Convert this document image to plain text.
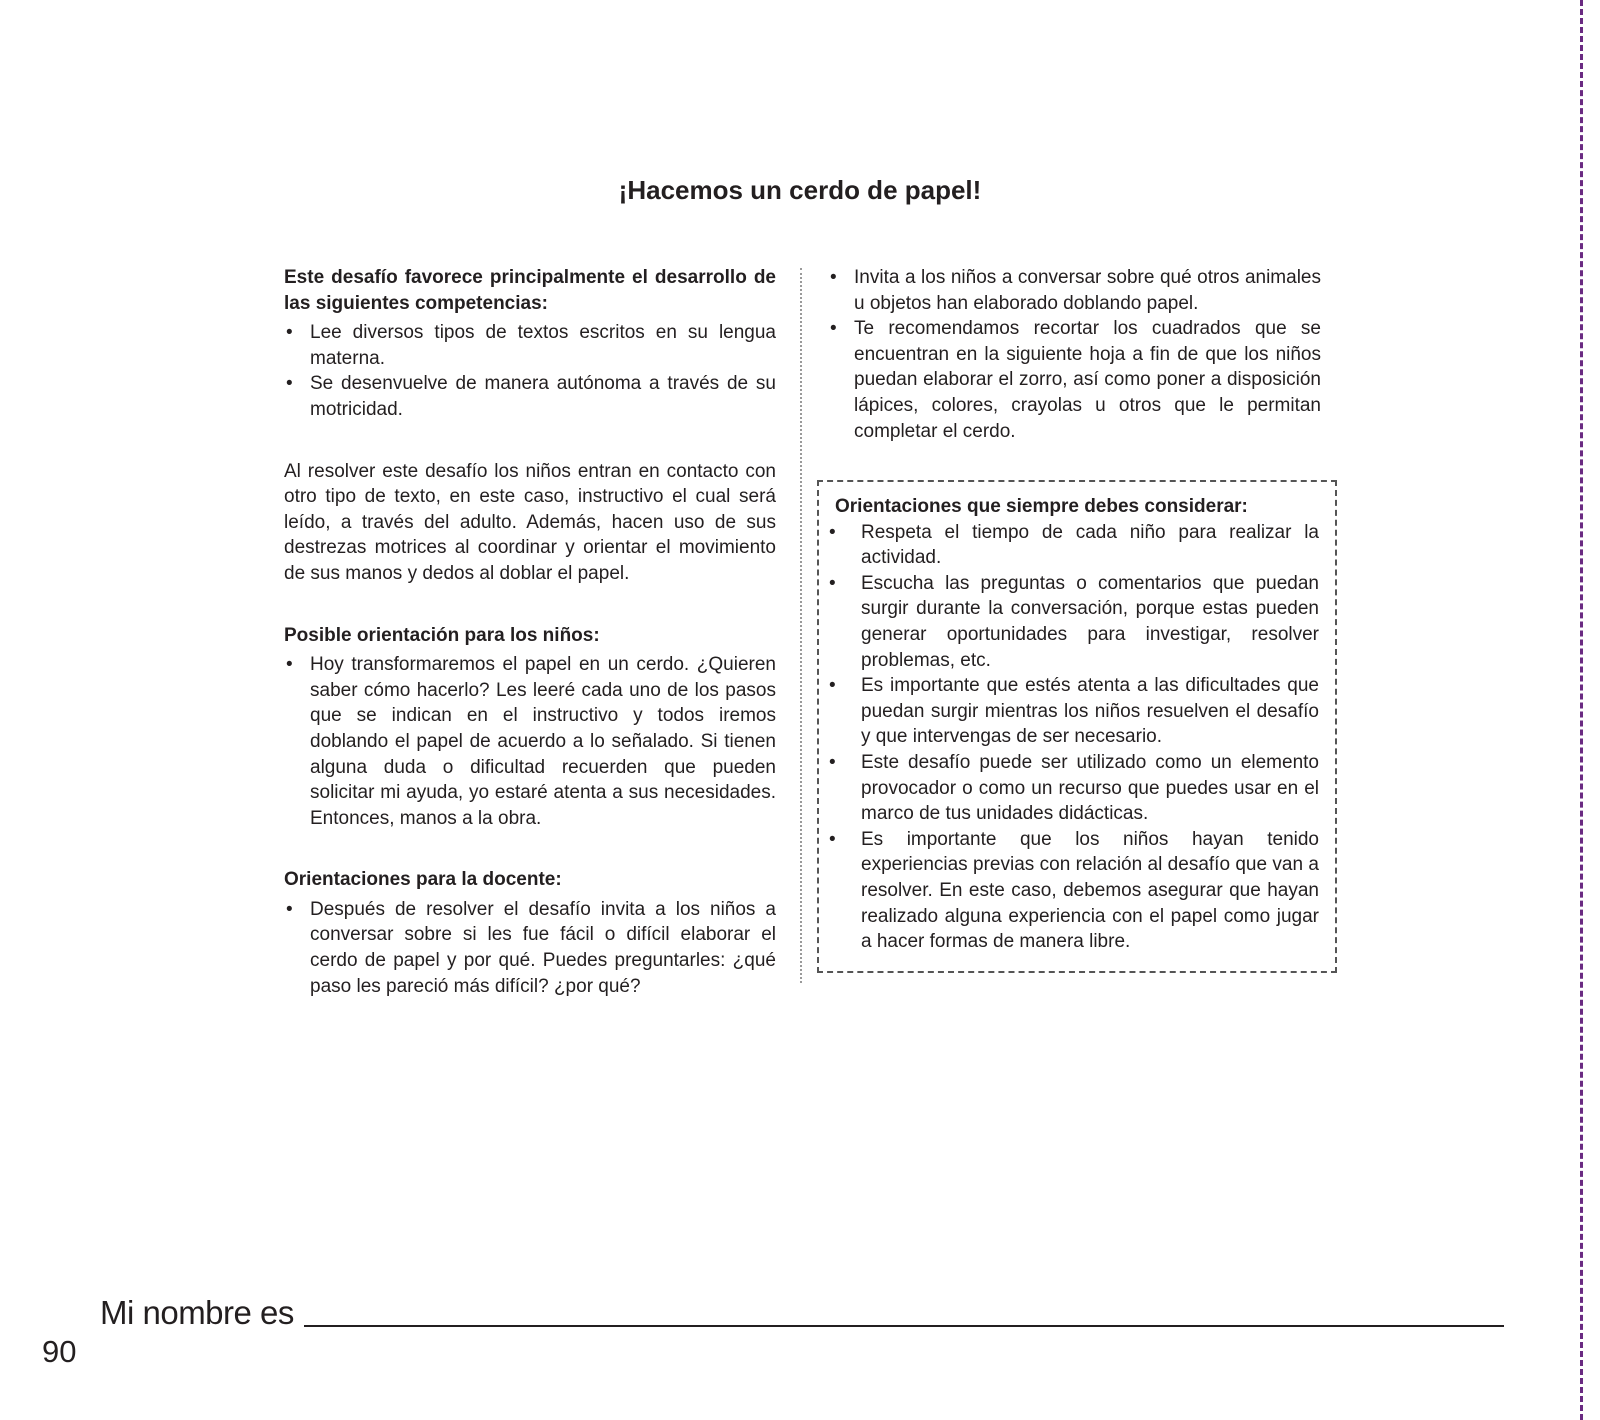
¡Hacemos un cerdo de papel!

Este desafío favorece principalmente el desarrollo de las siguientes competencias:

• Lee diversos tipos de textos escritos en su lengua materna.
• Se desenvuelve de manera autónoma a través de su motricidad.

Al resolver este desafío los niños entran en contacto con otro tipo de texto, en este caso, instructivo el cual será leído, a través del adulto. Además, hacen uso de sus destrezas motrices al coordinar y orientar el movimiento de sus manos y dedos al doblar el papel.

Posible orientación para los niños:

• Hoy transformaremos el papel en un cerdo. ¿Quieren saber cómo hacerlo? Les leeré cada uno de los pasos que se indican en el instructivo y todos iremos doblando el papel de acuerdo a lo señalado. Si tienen alguna duda o dificultad recuerden que pueden solicitar mi ayuda, yo estaré atenta a sus necesidades. Entonces, manos a la obra.

Orientaciones para la docente:

• Después de resolver el desafío invita a los niños a conversar sobre si les fue fácil o difícil elaborar el cerdo de papel y por qué. Puedes preguntarles: ¿qué paso les pareció más difícil? ¿por qué?
• Invita a los niños a conversar sobre qué otros animales u objetos han elaborado doblando papel.
• Te recomendamos recortar los cuadrados que se encuentran en la siguiente hoja a fin de que los niños puedan elaborar el zorro, así como poner a disposición lápices, colores, crayolas u otros que le permitan completar el cerdo.

Orientaciones que siempre debes considerar:

• Respeta el tiempo de cada niño para realizar la actividad.
• Escucha las preguntas o comentarios que puedan surgir durante la conversación, porque estas pueden generar oportunidades para investigar, resolver problemas, etc.
• Es importante que estés atenta a las dificultades que puedan surgir mientras los niños resuelven el desafío y que intervengas de ser necesario.
• Este desafío puede ser utilizado como un elemento provocador o como un recurso que puedes usar en el marco de tus unidades didácticas.
• Es importante que los niños hayan tenido experiencias previas con relación al desafío que van a resolver. En este caso, debemos asegurar que hayan realizado alguna experiencia con el papel como jugar a hacer formas de manera libre.
Mi nombre es
90
